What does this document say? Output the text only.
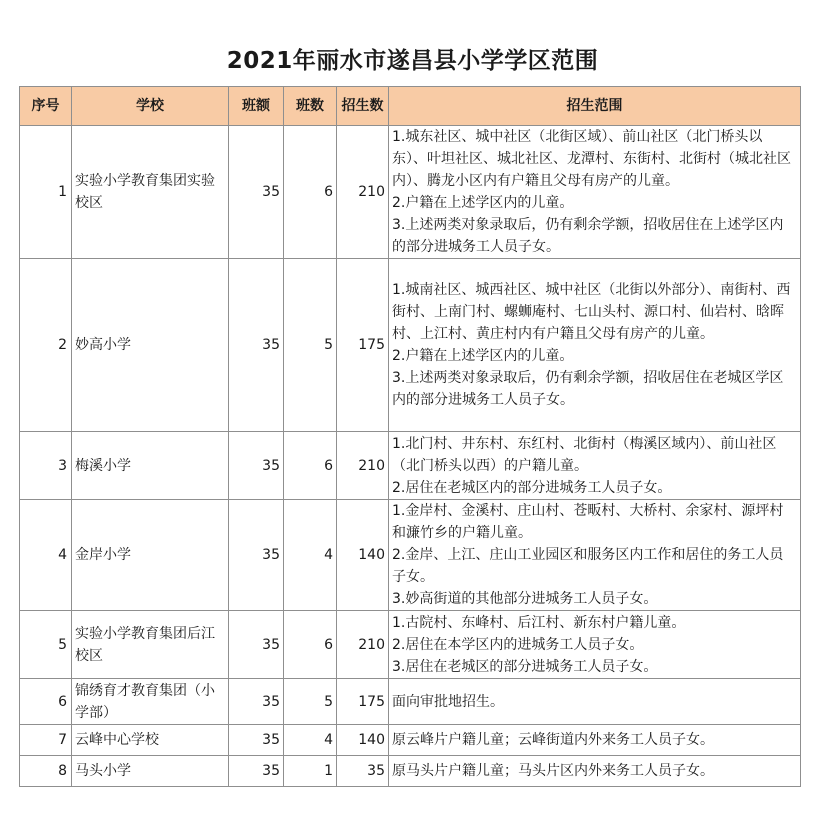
2021年丽水市遂昌县小学学区范围
序号	学校	班额	班数	招生数	招生范围
1	实验小学教育集团实验校区	35	6	210	1.城东社区、城中社区（北街区域）、前山社区（北门桥头以东）、叶坦社区、城北社区、龙潭村、东街村、北街村（城北社区内）、腾龙小区内有户籍且父母有房产的儿童。
2.户籍在上述学区内的儿童。
3.上述两类对象录取后，仍有剩余学额，招收居住在上述学区内的部分进城务工人员子女。

2	妙高小学	35	5	175	1.城南社区、城西社区、城中社区（北街以外部分）、南街村、西街村、上南门村、螺蛳庵村、七山头村、源口村、仙岩村、晗晖村、上江村、黄庄村内有户籍且父母有房产的儿童。
2.户籍在上述学区内的儿童。
3.上述两类对象录取后，仍有剩余学额，招收居住在老城区学区内的部分进城务工人员子女。

3	梅溪小学	35	6	210	1.北门村、井东村、东红村、北街村（梅溪区域内）、前山社区（北门桥头以西）的户籍儿童。
2.居住在老城区内的部分进城务工人员子女。

4	金岸小学	35	4	140	1.金岸村、金溪村、庄山村、苍畈村、大桥村、余家村、源坪村和濂竹乡的户籍儿童。
2.金岸、上江、庄山工业园区和服务区内工作和居住的务工人员子女。
3.妙高街道的其他部分进城务工人员子女。

5	实验小学教育集团后江校区	35	6	210	1.古院村、东峰村、后江村、新东村户籍儿童。
2.居住在本学区内的进城务工人员子女。
3.居住在老城区的部分进城务工人员子女。

6	锦绣育才教育集团（小学部）	35	5	175	面向审批地招生。

7	云峰中心学校	35	4	140	原云峰片户籍儿童；云峰街道内外来务工人员子女。

8	马头小学	35	1	35	原马头片户籍儿童；马头片区内外来务工人员子女。
